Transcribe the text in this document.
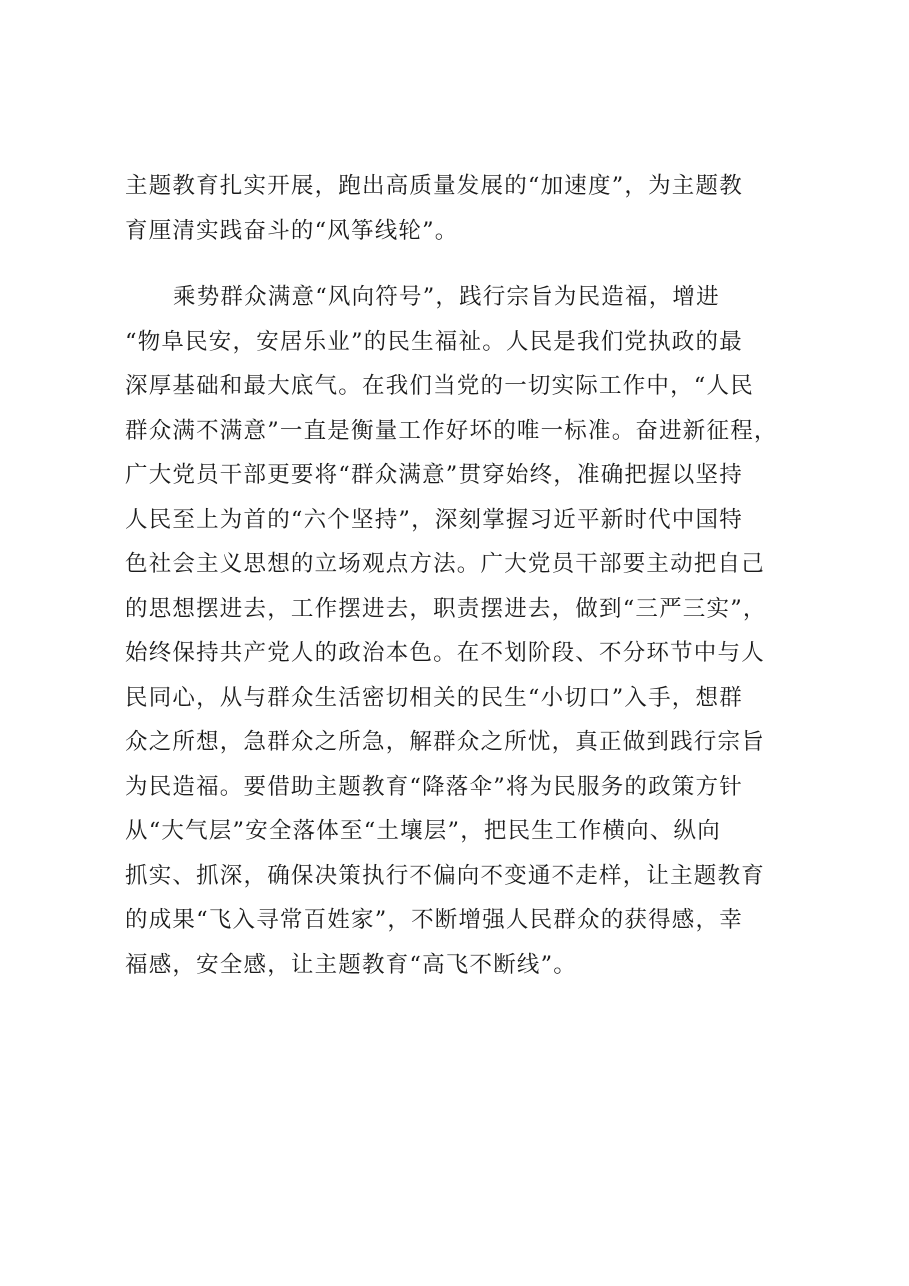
主题教育扎实开展，跑出高质量发展的“加速度”，为主题教
育厘清实践奋斗的“风筝线轮”。
乘势群众满意“风向符号”，践行宗旨为民造福，增进
“物阜民安，安居乐业”的民生福祉。人民是我们党执政的最
深厚基础和最大底气。在我们当党的一切实际工作中，“人民
群众满不满意”一直是衡量工作好坏的唯一标准。奋进新征程，
广大党员干部更要将“群众满意”贯穿始终，准确把握以坚持
人民至上为首的“六个坚持”，深刻掌握习近平新时代中国特
色社会主义思想的立场观点方法。广大党员干部要主动把自己
的思想摆进去，工作摆进去，职责摆进去，做到“三严三实”，
始终保持共产党人的政治本色。在不划阶段、不分环节中与人
民同心，从与群众生活密切相关的民生“小切口”入手，想群
众之所想，急群众之所急，解群众之所忧，真正做到践行宗旨
为民造福。要借助主题教育“降落伞”将为民服务的政策方针
从“大气层”安全落体至“土壤层”，把民生工作横向、纵向
抓实、抓深，确保决策执行不偏向不变通不走样，让主题教育
的成果“飞入寻常百姓家”，不断增强人民群众的获得感，幸
福感，安全感，让主题教育“高飞不断线”。
